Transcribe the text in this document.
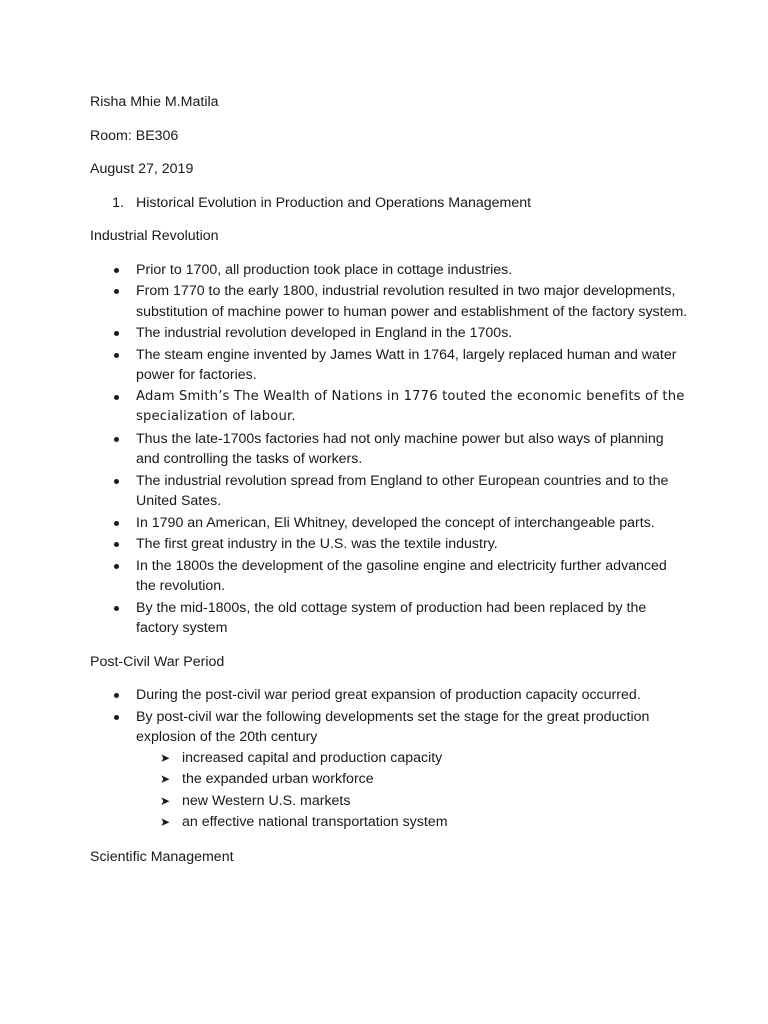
Risha Mhie M.Matila

Room: BE306

August 27, 2019

1. Historical Evolution in Production and Operations Management

Industrial Revolution

Prior to 1700, all production took place in cottage industries.
From 1770 to the early 1800, industrial revolution resulted in two major developments, substitution of machine power to human power and establishment of the factory system.
The industrial revolution developed in England in the 1700s.
The steam engine invented by James Watt in 1764, largely replaced human and water power for factories.
Adam Smith’s The Wealth of Nations in 1776 touted the economic benefits of the specialization of labour.
Thus the late-1700s factories had not only machine power but also ways of planning and controlling the tasks of workers.
The industrial revolution spread from England to other European countries and to the United Sates.
In 1790 an American, Eli Whitney, developed the concept of interchangeable parts.
The first great industry in the U.S. was the textile industry.
In the 1800s the development of the gasoline engine and electricity further advanced the revolution.
By the mid-1800s, the old cottage system of production had been replaced by the factory system

Post-Civil War Period

During the post-civil war period great expansion of production capacity occurred.
By post-civil war the following developments set the stage for the great production explosion of the 20th century
➤ increased capital and production capacity
➤ the expanded urban workforce
➤ new Western U.S. markets
➤ an effective national transportation system

Scientific Management
